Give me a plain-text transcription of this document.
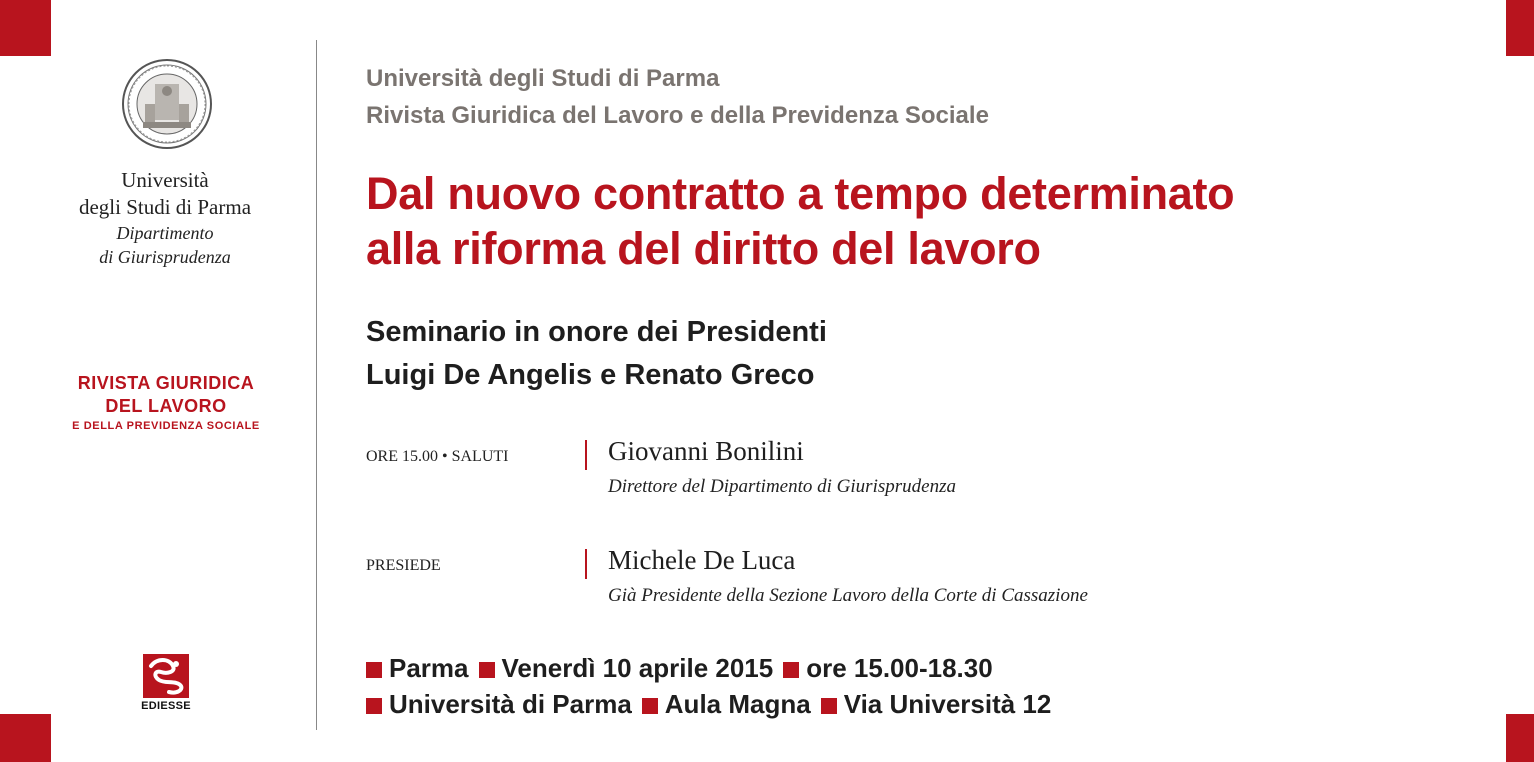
Università
degli Studi di Parma
Dipartimento
di Giurisprudenza
RIVISTA GIURIDICA
DEL LAVORO
E DELLA PREVIDENZA SOCIALE
EDIESSE
Università degli Studi di Parma
Rivista Giuridica del Lavoro e della Previdenza Sociale
Dal nuovo contratto a tempo determinato
alla riforma del diritto del lavoro
Seminario in onore dei Presidenti
Luigi De Angelis e Renato Greco
ORE 15.00 • SALUTI	Giovanni Bonilini
Direttore del Dipartimento di Giurisprudenza
PRESIEDE	Michele De Luca
Già Presidente della Sezione Lavoro della Corte di Cassazione
Parma Venerdì 10 aprile 2015 ore 15.00-18.30
Università di Parma Aula Magna Via Università 12
